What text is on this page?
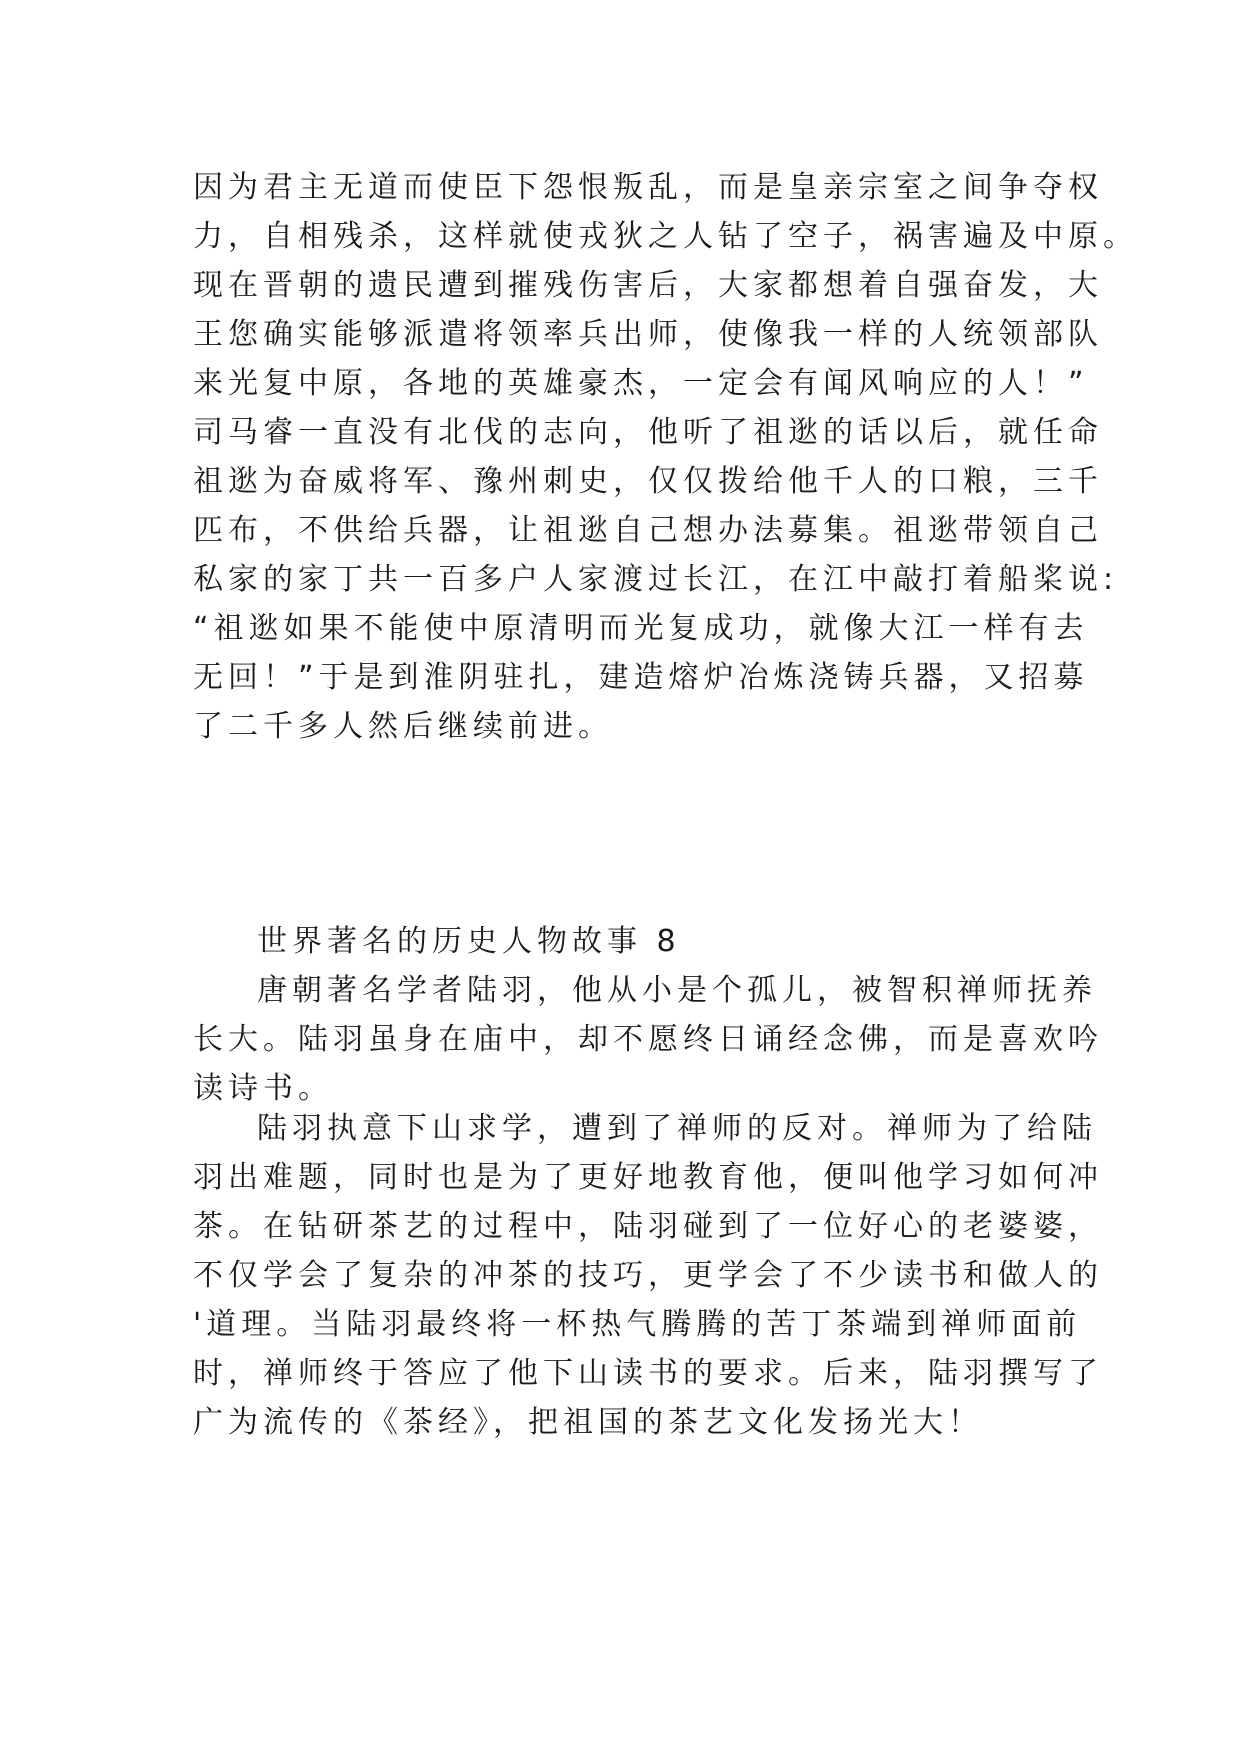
因为君主无道而使臣下怨恨叛乱，而是皇亲宗室之间争夺权
力，自相残杀，这样就使戎狄之人钻了空子，祸害遍及中原。
现在晋朝的遗民遭到摧残伤害后，大家都想着自强奋发，大
王您确实能够派遣将领率兵出师，使像我一样的人统领部队
来光复中原，各地的英雄豪杰，一定会有闻风响应的人！”
司马睿一直没有北伐的志向，他听了祖逖的话以后，就任命
祖逖为奋威将军、豫州刺史，仅仅拨给他千人的口粮，三千
匹布，不供给兵器，让祖逖自己想办法募集。祖逖带领自己
私家的家丁共一百多户人家渡过长江，在江中敲打着船桨说:
“祖逖如果不能使中原清明而光复成功，就像大江一样有去
无回！”于是到淮阴驻扎，建造熔炉冶炼浇铸兵器，又招募
了二千多人然后继续前进。
世界著名的历史人物故事 8
唐朝著名学者陆羽，他从小是个孤儿，被智积禅师抚养
长大。陆羽虽身在庙中，却不愿终日诵经念佛，而是喜欢吟
读诗书。
陆羽执意下山求学，遭到了禅师的反对。禅师为了给陆
羽出难题，同时也是为了更好地教育他，便叫他学习如何冲
茶。在钻研茶艺的过程中，陆羽碰到了一位好心的老婆婆，
不仅学会了复杂的冲茶的技巧，更学会了不少读书和做人的
'道理。当陆羽最终将一杯热气腾腾的苦丁茶端到禅师面前
时，禅师终于答应了他下山读书的要求。后来，陆羽撰写了
广为流传的《茶经》，把祖国的茶艺文化发扬光大！
